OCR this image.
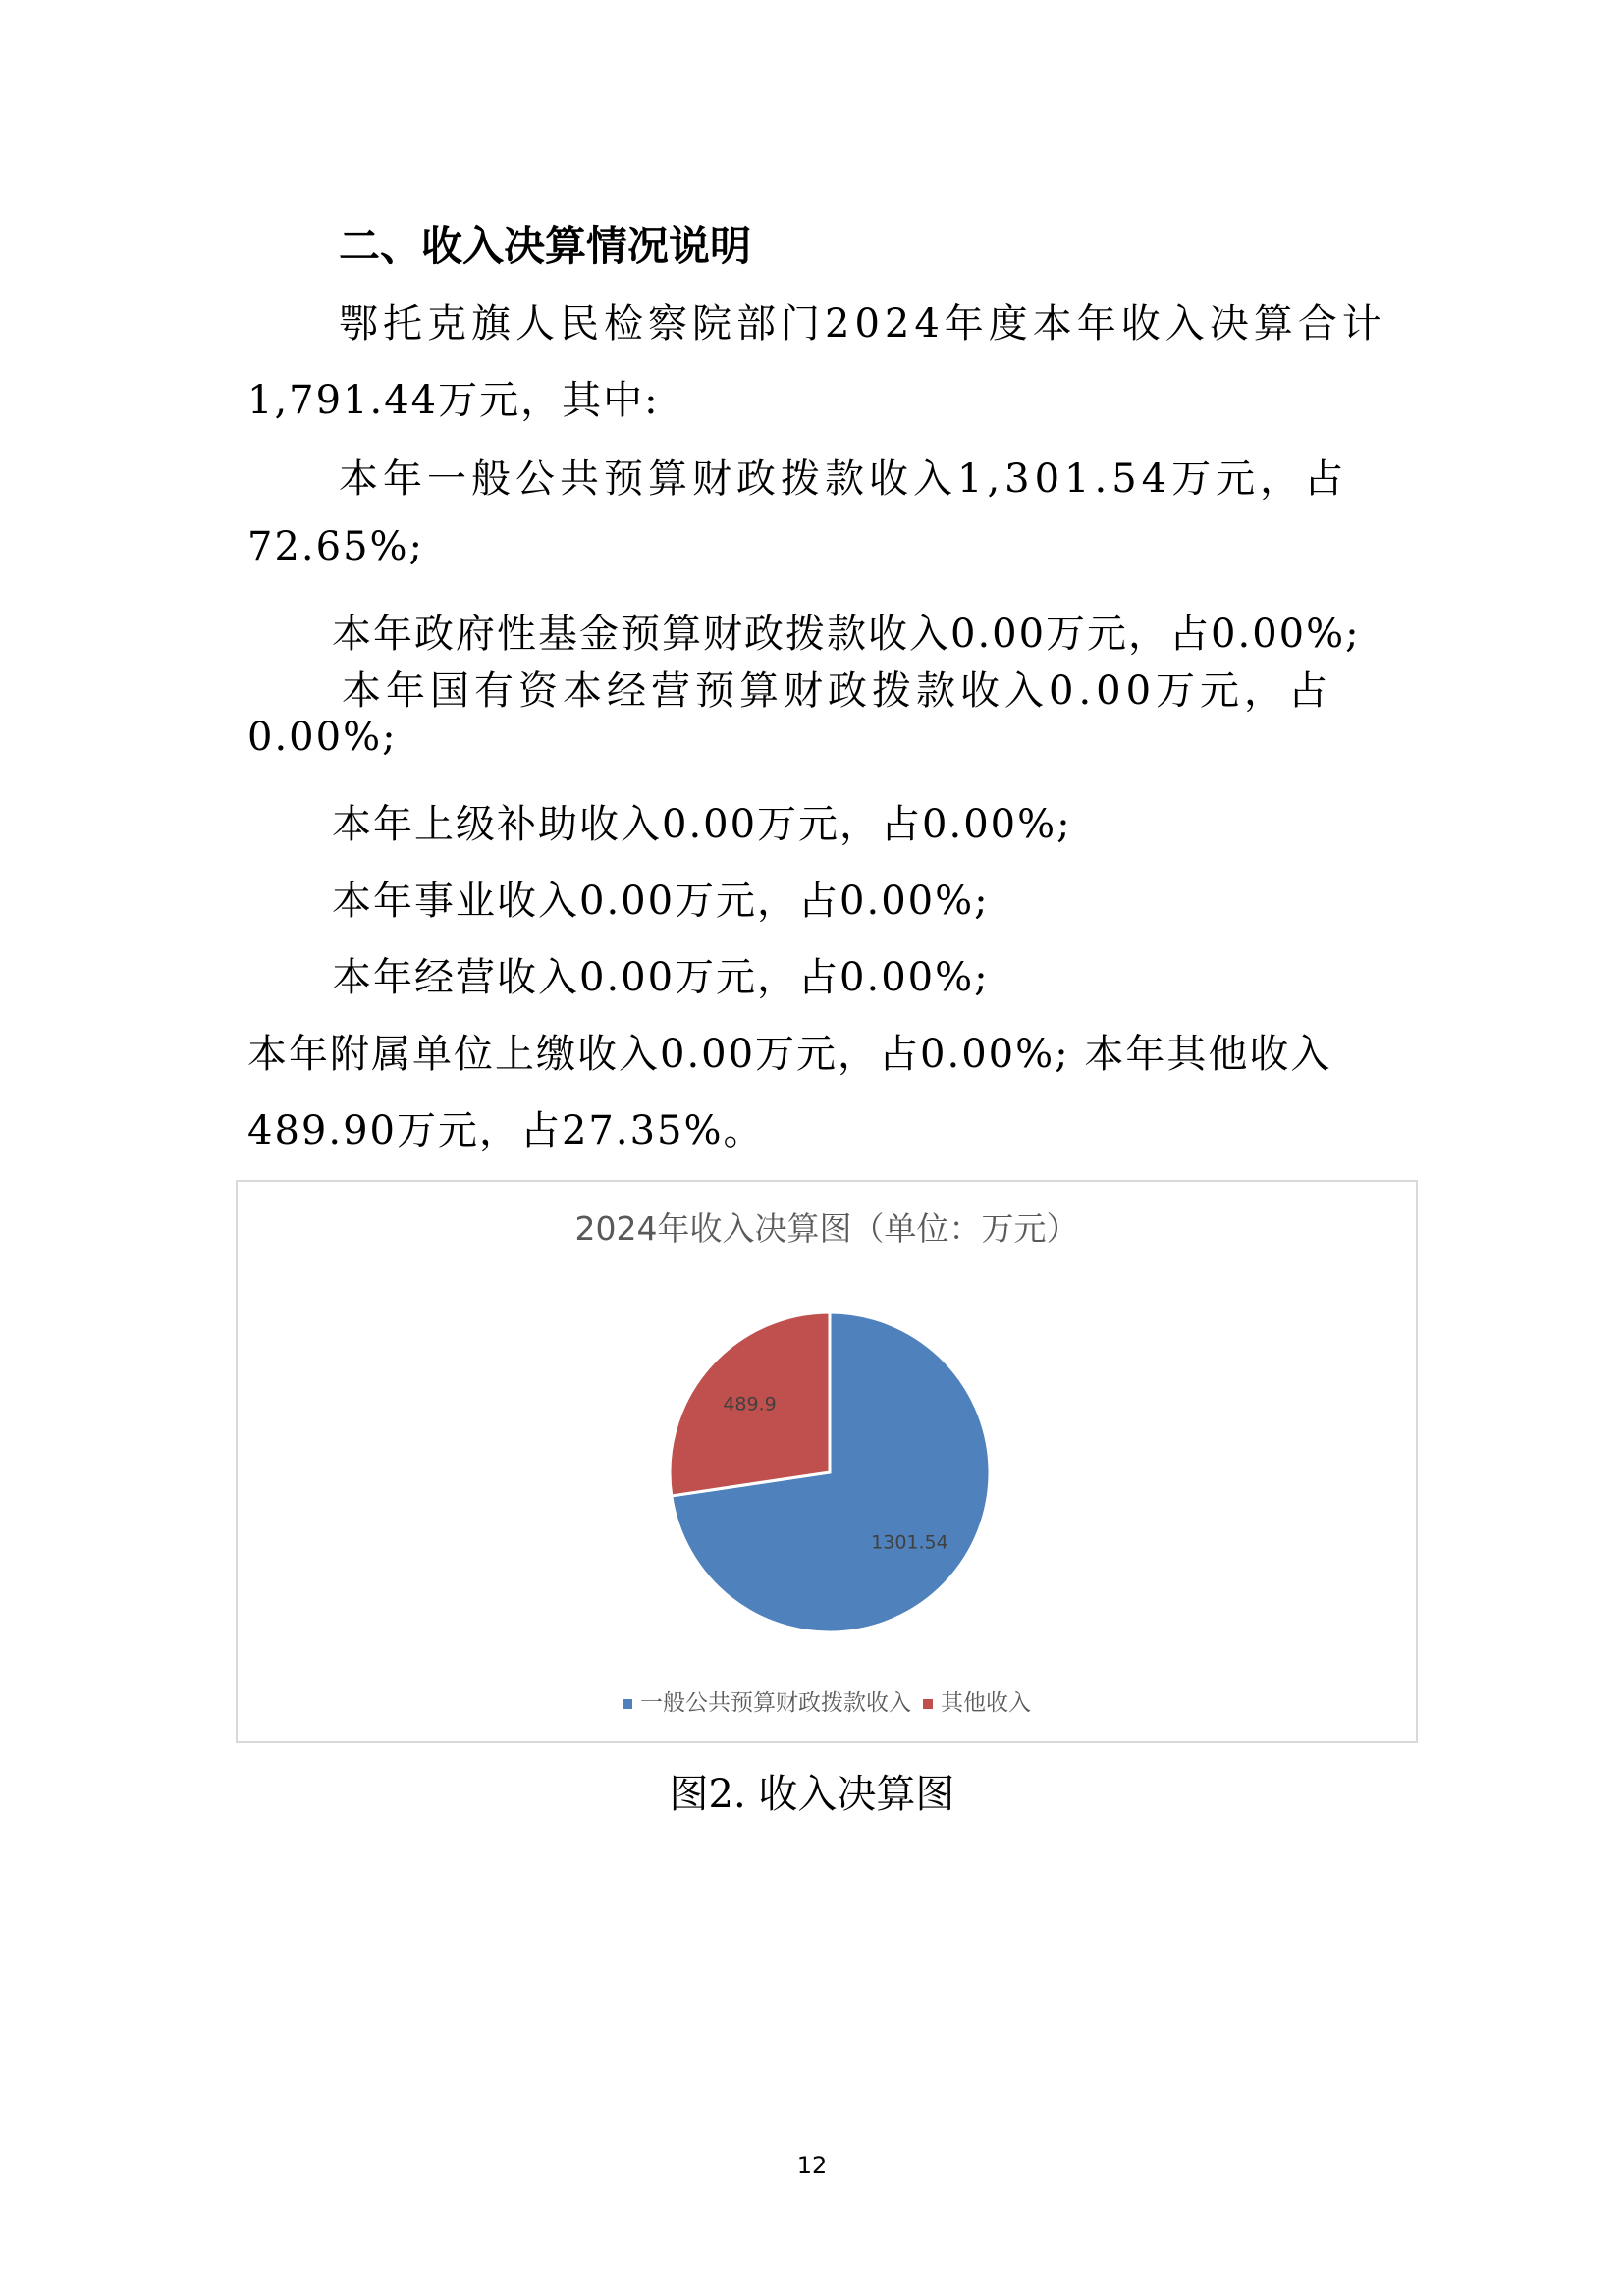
二、收入决算情况说明
鄂托克旗人民检察院部门2024年度本年收入决算合计
1,791.44万元，其中:
本年一般公共预算财政拨款收入1,301.54万元，占
72.65%;
本年政府性基金预算财政拨款收入0.00万元，占0.00%;
本年国有资本经营预算财政拨款收入0.00万元，占
0.00%;
本年上级补助收入0.00万元，占0.00%;
本年事业收入0.00万元，占0.00%;
本年经营收入0.00万元，占0.00%;
本年附属单位上缴收入0.00万元，占0.00%; 本年其他收入
489.90万元，占27.35%。
2024年收入决算图（单位：万元）
1301.54
489.9
一般公共预算财政拨款收入 其他收入
图2. 收入决算图
12
